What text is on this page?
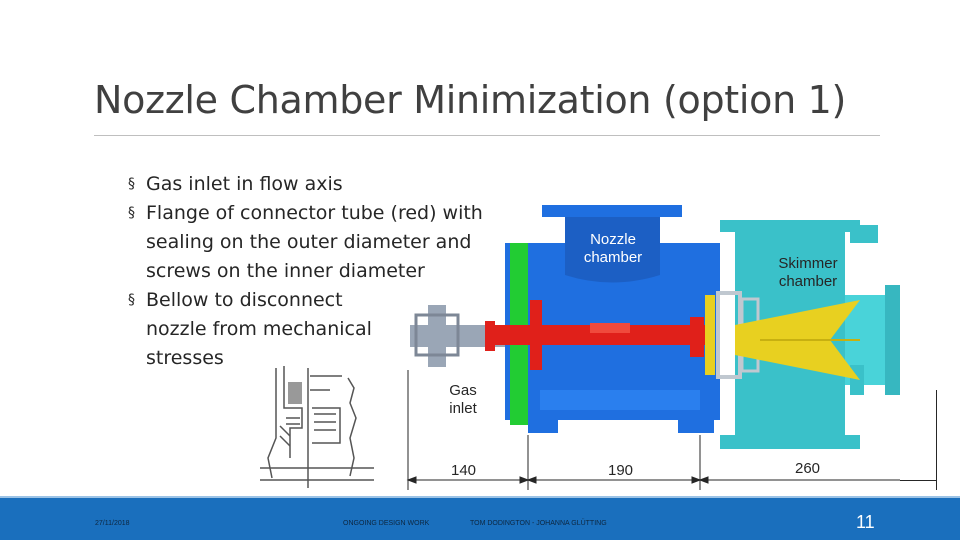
Nozzle Chamber Minimization (option 1)
§ Gas inlet in flow axis
§ Flange of connector tube (red) with sealing on the outer diameter and screws on the inner diameter
§ Bellow to disconnect nozzle from mechanical stresses
Nozzle
chamber	Skimmer
chamber
Gas
inlet
140	190	260
27/11/2018	ONGOING DESIGN WORK	TOM DODINGTON - JOHANNA GLÜTTING	11
